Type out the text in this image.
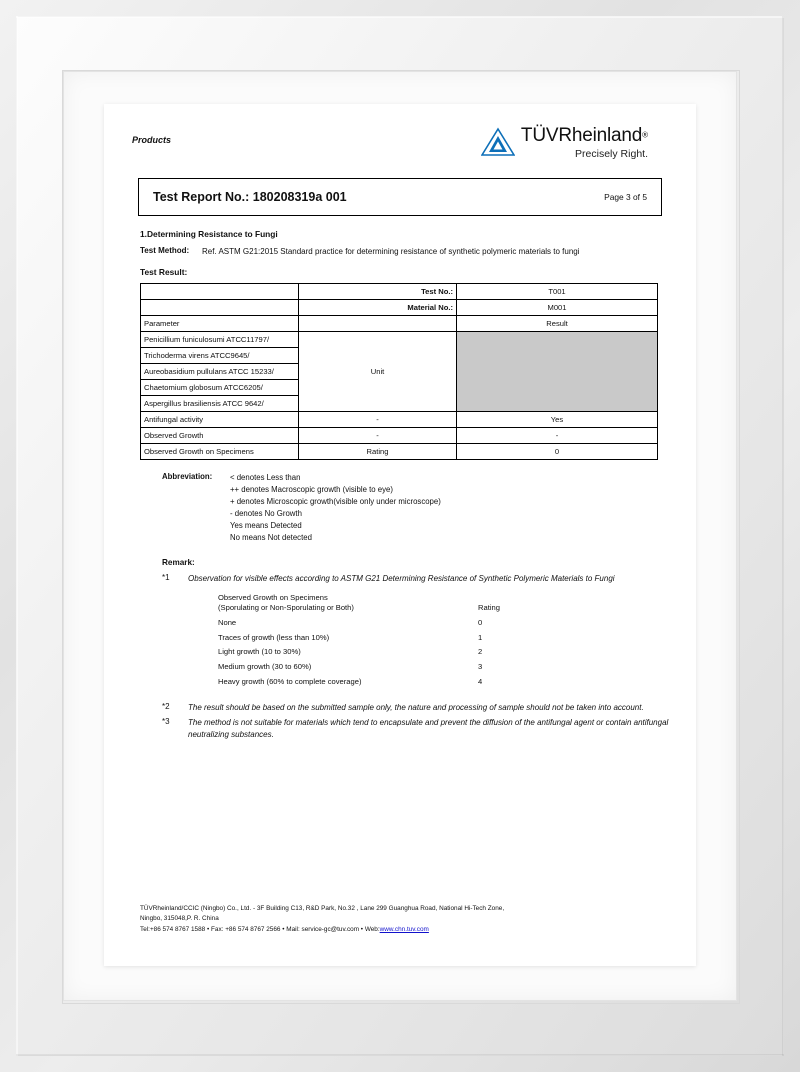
Products	TÜVRheinland®
Precisely Right.
Test Report No.: 180208319a 001	Page 3 of 5
1.Determining Resistance to Fungi
Test Method:	Ref. ASTM G21:2015 Standard practice for determining resistance of synthetic polymeric materials to fungi
Test Result:
	Test No.:	T001
	Material No.:	M001
Parameter		Result
Penicillium funiculosumi ATCC11797/	Unit	
Trichoderma virens ATCC9645/		
Aureobasidium pullulans ATCC 15233/		
Chaetomium globosum ATCC6205/		
Aspergillus brasiliensis ATCC 9642/		
Antifungal activity	-	Yes
Observed Growth	-	-
Observed Growth on Specimens	Rating	0
Abbreviation:	< denotes Less than
++ denotes Macroscopic growth (visible to eye)
+ denotes Microscopic growth(visible only under microscope)
- denotes No Growth
Yes means Detected
No means Not detected
Remark:
*1	Observation for visible effects according to ASTM G21 Determining Resistance of Synthetic Polymeric Materials to Fungi
Observed Growth on Specimens
(Sporulating or Non-Sporulating or Both)	Rating
None	0
Traces of growth (less than 10%)	1
Light growth (10 to 30%)	2
Medium growth (30 to 60%)	3
Heavy growth (60% to complete coverage)	4
*2	The result should be based on the submitted sample only, the nature and processing of sample should not be taken into account.
*3	The method is not suitable for materials which tend to encapsulate and prevent the diffusion of the antifungal agent or contain antifungal neutralizing substances.
TÜVRheinland/CCIC (Ningbo) Co., Ltd. - 3F Building C13, R&D Park, No.32 , Lane 299 Guanghua Road, National Hi-Tech Zone,
Ningbo, 315048,P. R. China
Tel:+86 574 8767 1588 • Fax: +86 574 8767 2566 • Mail: service-gc@tuv.com • Web:www.chn.tuv.com
